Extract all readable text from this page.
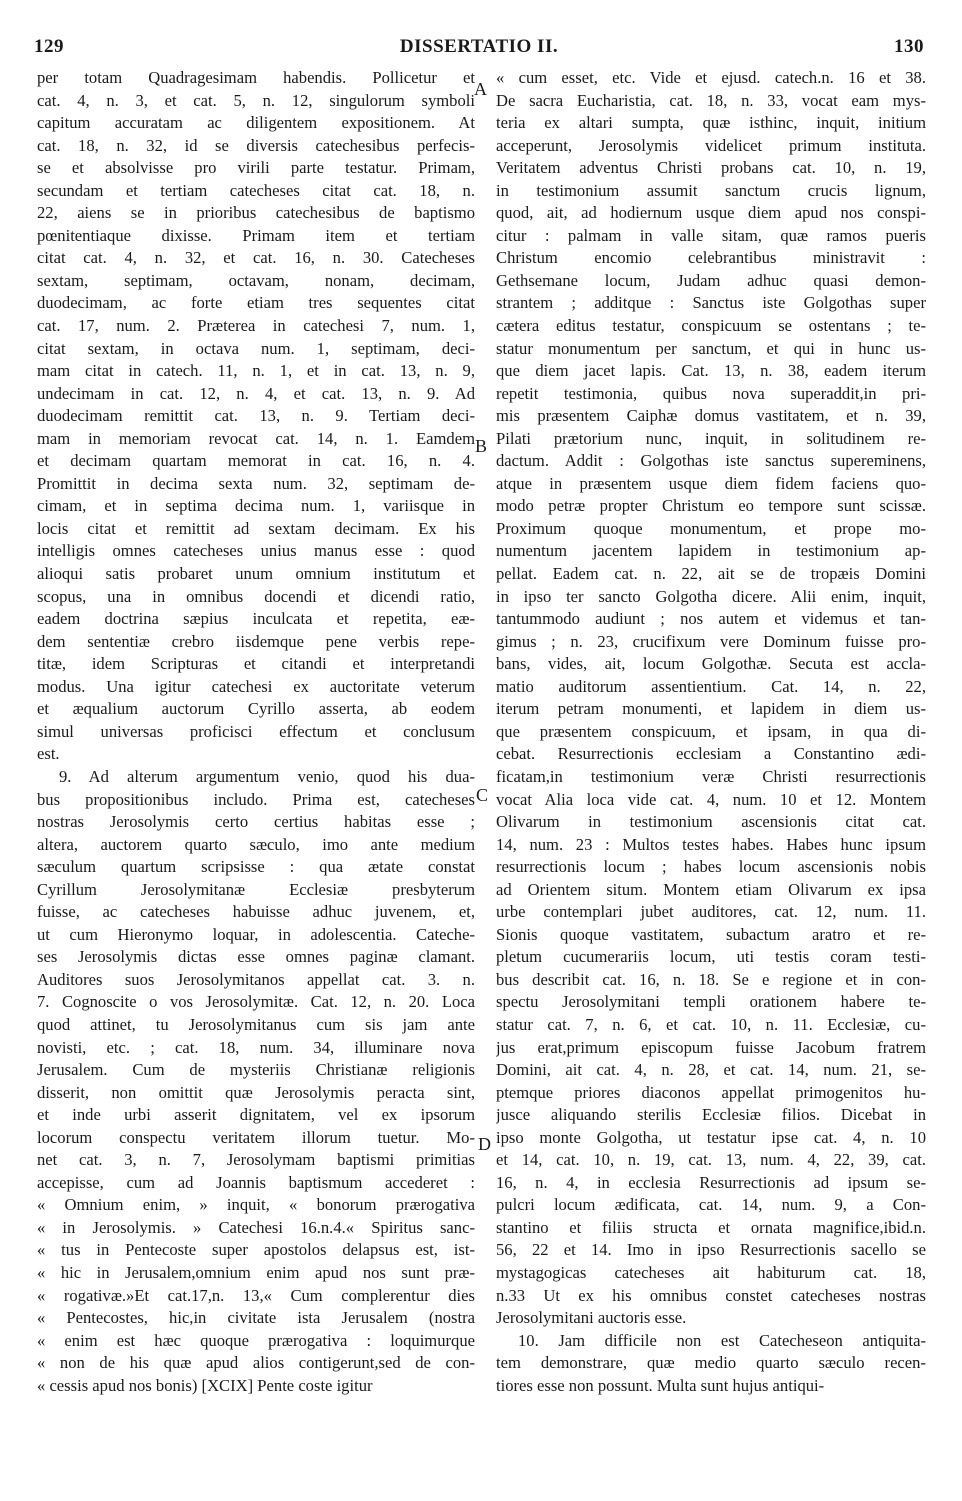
129	DISSERTATIO II.	130
per totam Quadragesimam habendis. Pollicetur et
cat. 4, n. 3, et cat. 5, n. 12, singulorum symboli
capitum accuratam ac diligentem expositionem. At
cat. 18, n. 32, id se diversis catechesibus perfecis-
se et absolvisse pro virili parte testatur. Primam,
secundam et tertiam catecheses citat cat. 18, n.
22, aiens se in prioribus catechesibus de baptismo
pœnitentiaque dixisse. Primam item et tertiam
citat cat. 4, n. 32, et cat. 16, n. 30. Catecheses
sextam, septimam, octavam, nonam, decimam,
duodecimam, ac forte etiam tres sequentes citat
cat. 17, num. 2. Præterea in catechesi 7, num. 1,
citat sextam, in octava num. 1, septimam, deci-
mam citat in catech. 11, n. 1, et in cat. 13, n. 9,
undecimam in cat. 12, n. 4, et cat. 13, n. 9. Ad
duodecimam remittit cat. 13, n. 9. Tertiam deci-
mam in memoriam revocat cat. 14, n. 1. Eamdem
et decimam quartam memorat in cat. 16, n. 4.
Promittit in decima sexta num. 32, septimam de-
cimam, et in septima decima num. 1, variisque in
locis citat et remittit ad sextam decimam. Ex his
intelligis omnes catecheses unius manus esse : quod
alioqui satis probaret unum omnium institutum et
scopus, una in omnibus docendi et dicendi ratio,
eadem doctrina sæpius inculcata et repetita, eæ-
dem sententiæ crebro iisdemque pene verbis repe-
titæ, idem Scripturas et citandi et interpretandi
modus. Una igitur catechesi ex auctoritate veterum
et æqualium auctorum Cyrillo asserta, ab eodem
simul universas proficisci effectum et conclusum
est.
9. Ad alterum argumentum venio, quod his dua-
bus propositionibus includo. Prima est, catecheses
nostras Jerosolymis certo certius habitas esse ;
altera, auctorem quarto sæculo, imo ante medium
sæculum quartum scripsisse : qua ætate constat
Cyrillum Jerosolymitanæ Ecclesiæ presbyterum
fuisse, ac catecheses habuisse adhuc juvenem, et,
ut cum Hieronymo loquar, in adolescentia. Cateche-
ses Jerosolymis dictas esse omnes paginæ clamant.
Auditores suos Jerosolymitanos appellat cat. 3. n.
7. Cognoscite o vos Jerosolymitæ. Cat. 12, n. 20. Loca
quod attinet, tu Jerosolymitanus cum sis jam ante
novisti, etc. ; cat. 18, num. 34, illuminare nova
Jerusalem. Cum de mysteriis Christianæ religionis
disserit, non omittit quæ Jerosolymis peracta sint,
et inde urbi asserit dignitatem, vel ex ipsorum
locorum conspectu veritatem illorum tuetur. Mo-
net cat. 3, n. 7, Jerosolymam baptismi primitias
accepisse, cum ad Joannis baptismum accederet :
« Omnium enim, » inquit, « bonorum prærogativa
« in Jerosolymis. » Catechesi 16.n.4.« Spiritus sanc-
« tus in Pentecoste super apostolos delapsus est, ist-
« hic in Jerusalem,omnium enim apud nos sunt præ-
« rogativæ.»Et cat.17,n. 13,« Cum complerentur dies
« Pentecostes, hic,in civitate ista Jerusalem (nostra
« enim est hæc quoque prærogativa : loquimurque
« non de his quæ apud alios contigerunt,sed de con-
« cessis apud nos bonis) [XCIX] Pente coste igitur
« cum esset, etc. Vide et ejusd. catech.n. 16 et 38.
De sacra Eucharistia, cat. 18, n. 33, vocat eam mys-
teria ex altari sumpta, quæ isthinc, inquit, initium
acceperunt, Jerosolymis videlicet primum instituta.
Veritatem adventus Christi probans cat. 10, n. 19,
in testimonium assumit sanctum crucis lignum,
quod, ait, ad hodiernum usque diem apud nos conspi-
citur : palmam in valle sitam, quæ ramos pueris
Christum encomio celebrantibus ministravit :
Gethsemane locum, Judam adhuc quasi demon-
strantem ; additque : Sanctus iste Golgothas super
cætera editus testatur, conspicuum se ostentans ; te-
statur monumentum per sanctum, et qui in hunc us-
que diem jacet lapis. Cat. 13, n. 38, eadem iterum
repetit testimonia, quibus nova superaddit,in pri-
mis præsentem Caiphæ domus vastitatem, et n. 39,
Pilati prætorium nunc, inquit, in solitudinem re-
dactum. Addit : Golgothas iste sanctus supereminens,
atque in præsentem usque diem fidem faciens quo-
modo petræ propter Christum eo tempore sunt scissæ.
Proximum quoque monumentum, et prope mo-
numentum jacentem lapidem in testimonium ap-
pellat. Eadem cat. n. 22, ait se de tropæis Domini
in ipso ter sancto Golgotha dicere. Alii enim, inquit,
tantummodo audiunt ; nos autem et videmus et tan-
gimus ; n. 23, crucifixum vere Dominum fuisse pro-
bans, vides, ait, locum Golgothæ. Secuta est accla-
matio auditorum assentientium. Cat. 14, n. 22,
iterum petram monumenti, et lapidem in diem us-
que præsentem conspicuum, et ipsam, in qua di-
cebat. Resurrectionis ecclesiam a Constantino ædi-
ficatam,in testimonium veræ Christi resurrectionis
vocat Alia loca vide cat. 4, num. 10 et 12. Montem
Olivarum in testimonium ascensionis citat cat.
14, num. 23 : Multos testes habes. Habes hunc ipsum
resurrectionis locum ; habes locum ascensionis nobis
ad Orientem situm. Montem etiam Olivarum ex ipsa
urbe contemplari jubet auditores, cat. 12, num. 11.
Sionis quoque vastitatem, subactum aratro et re-
pletum cucumerariis locum, uti testis coram testi-
bus describit cat. 16, n. 18. Se e regione et in con-
spectu Jerosolymitani templi orationem habere te-
statur cat. 7, n. 6, et cat. 10, n. 11. Ecclesiæ, cu-
jus erat,primum episcopum fuisse Jacobum fratrem
Domini, ait cat. 4, n. 28, et cat. 14, num. 21, se-
ptemque priores diaconos appellat primogenitos hu-
jusce aliquando sterilis Ecclesiæ filios. Dicebat in
ipso monte Golgotha, ut testatur ipse cat. 4, n. 10
et 14, cat. 10, n. 19, cat. 13, num. 4, 22, 39, cat.
16, n. 4, in ecclesia Resurrectionis ad ipsum se-
pulcri locum ædificata, cat. 14, num. 9, a Con-
stantino et filiis structa et ornata magnifice,ibid.n.
56, 22 et 14. Imo in ipso Resurrectionis sacello se
mystagogicas catecheses ait habiturum cat. 18,
n.33 Ut ex his omnibus constet catecheses nostras
Jerosolymitani auctoris esse.
10. Jam difficile non est Catecheseon antiquita-
tem demonstrare, quæ medio quarto sæculo recen-
tiores esse non possunt. Multa sunt hujus antiqui-
A
B
C
D
